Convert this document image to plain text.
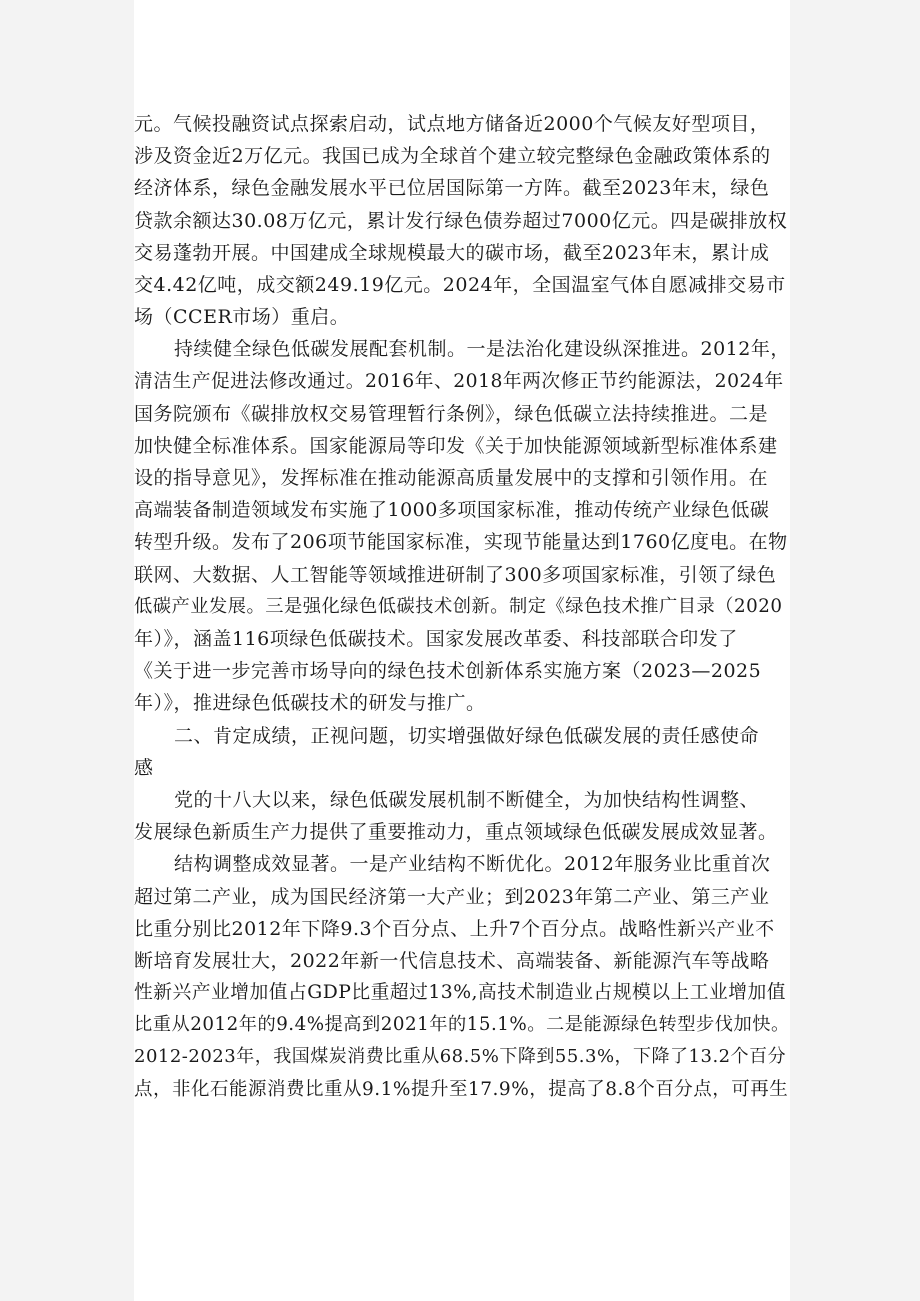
元。气候投融资试点探索启动，试点地方储备近2000个气候友好型项目，
涉及资金近2万亿元。我国已成为全球首个建立较完整绿色金融政策体系的
经济体系，绿色金融发展水平已位居国际第一方阵。截至2023年末，绿色
贷款余额达30.08万亿元，累计发行绿色债券超过7000亿元。四是碳排放权
交易蓬勃开展。中国建成全球规模最大的碳市场，截至2023年末，累计成
交4.42亿吨，成交额249.19亿元。2024年，全国温室气体自愿减排交易市
场（CCER市场）重启。
持续健全绿色低碳发展配套机制。一是法治化建设纵深推进。2012年，
清洁生产促进法修改通过。2016年、2018年两次修正节约能源法，2024年
国务院颁布《碳排放权交易管理暂行条例》，绿色低碳立法持续推进。二是
加快健全标准体系。国家能源局等印发《关于加快能源领域新型标准体系建
设的指导意见》，发挥标准在推动能源高质量发展中的支撑和引领作用。在
高端装备制造领域发布实施了1000多项国家标准，推动传统产业绿色低碳
转型升级。发布了206项节能国家标准，实现节能量达到1760亿度电。在物
联网、大数据、人工智能等领域推进研制了300多项国家标准，引领了绿色
低碳产业发展。三是强化绿色低碳技术创新。制定《绿色技术推广目录（2020
年）》，涵盖116项绿色低碳技术。国家发展改革委、科技部联合印发了
《关于进一步完善市场导向的绿色技术创新体系实施方案（2023—2025
年）》，推进绿色低碳技术的研发与推广。
二、肯定成绩，正视问题，切实增强做好绿色低碳发展的责任感使命
感
党的十八大以来，绿色低碳发展机制不断健全，为加快结构性调整、
发展绿色新质生产力提供了重要推动力，重点领域绿色低碳发展成效显著。
结构调整成效显著。一是产业结构不断优化。2012年服务业比重首次
超过第二产业，成为国民经济第一大产业；到2023年第二产业、第三产业
比重分别比2012年下降9.3个百分点、上升7个百分点。战略性新兴产业不
断培育发展壮大，2022年新一代信息技术、高端装备、新能源汽车等战略
性新兴产业增加值占GDP比重超过13%,高技术制造业占规模以上工业增加值
比重从2012年的9.4%提高到2021年的15.1%。二是能源绿色转型步伐加快。
2012-2023年，我国煤炭消费比重从68.5%下降到55.3%，下降了13.2个百分
点，非化石能源消费比重从9.1%提升至17.9%，提高了8.8个百分点，可再生
